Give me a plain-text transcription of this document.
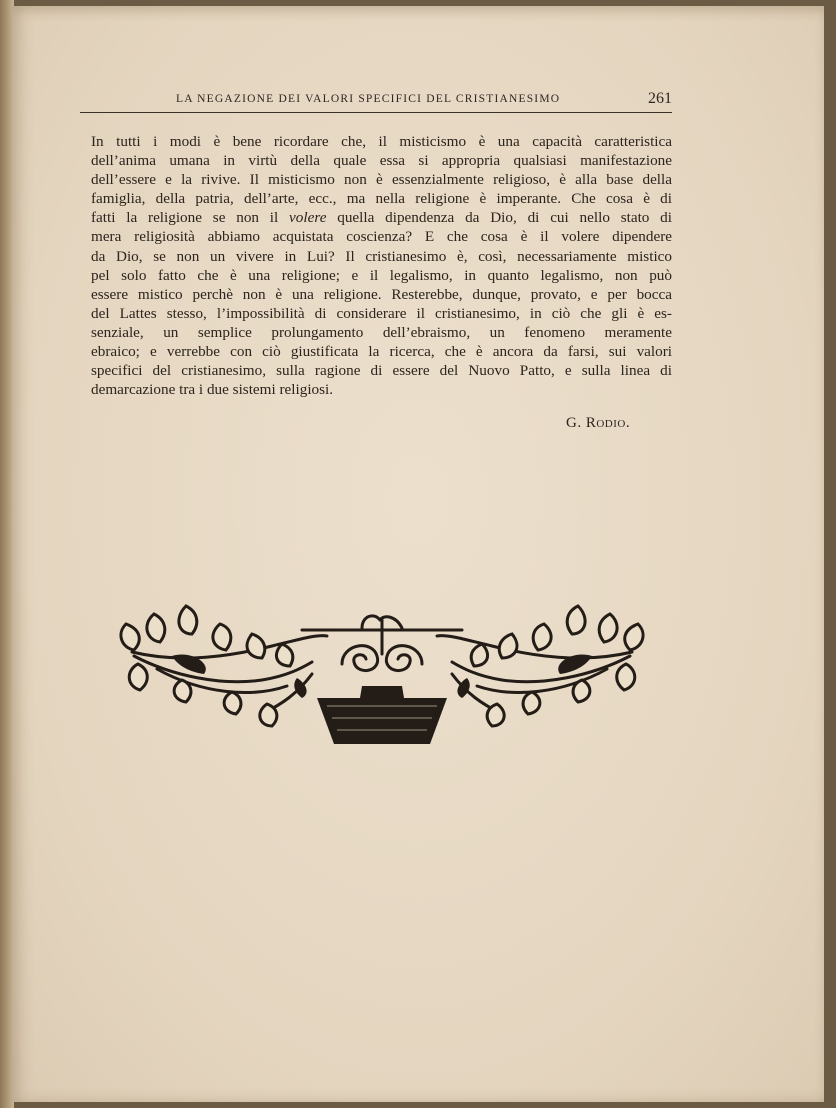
LA NEGAZIONE DEI VALORI SPECIFICI DEL CRISTIANESIMO	261
In tutti i modi è bene ricordare che, il misticismo è una capacità caratteristica
dell’anima umana in virtù della quale essa si appropria qualsiasi manifestazione
dell’essere e la rivive. Il misticismo non è essenzialmente religioso, è alla base della
famiglia, della patria, dell’arte, ecc., ma nella religione è imperante. Che cosa è di
fatti la religione se non il volere quella dipendenza da Dio, di cui nello stato di
mera religiosità abbiamo acquistata coscienza? E che cosa è il volere dipendere
da Dio, se non un vivere in Lui? Il cristianesimo è, così, necessariamente mistico
pel solo fatto che è una religione; e il legalismo, in quanto legalismo, non può
essere mistico perchè non è una religione. Resterebbe, dunque, provato, e per bocca
del Lattes stesso, l’impossibilità di considerare il cristianesimo, in ciò che gli è es-
senziale, un semplice prolungamento dell’ebraismo, un fenomeno meramente
ebraico; e verrebbe con ciò giustificata la ricerca, che è ancora da farsi, sui valori
specifici del cristianesimo, sulla ragione di essere del Nuovo Patto, e sulla linea di
demarcazione tra i due sistemi religiosi.
G. Rodio.
